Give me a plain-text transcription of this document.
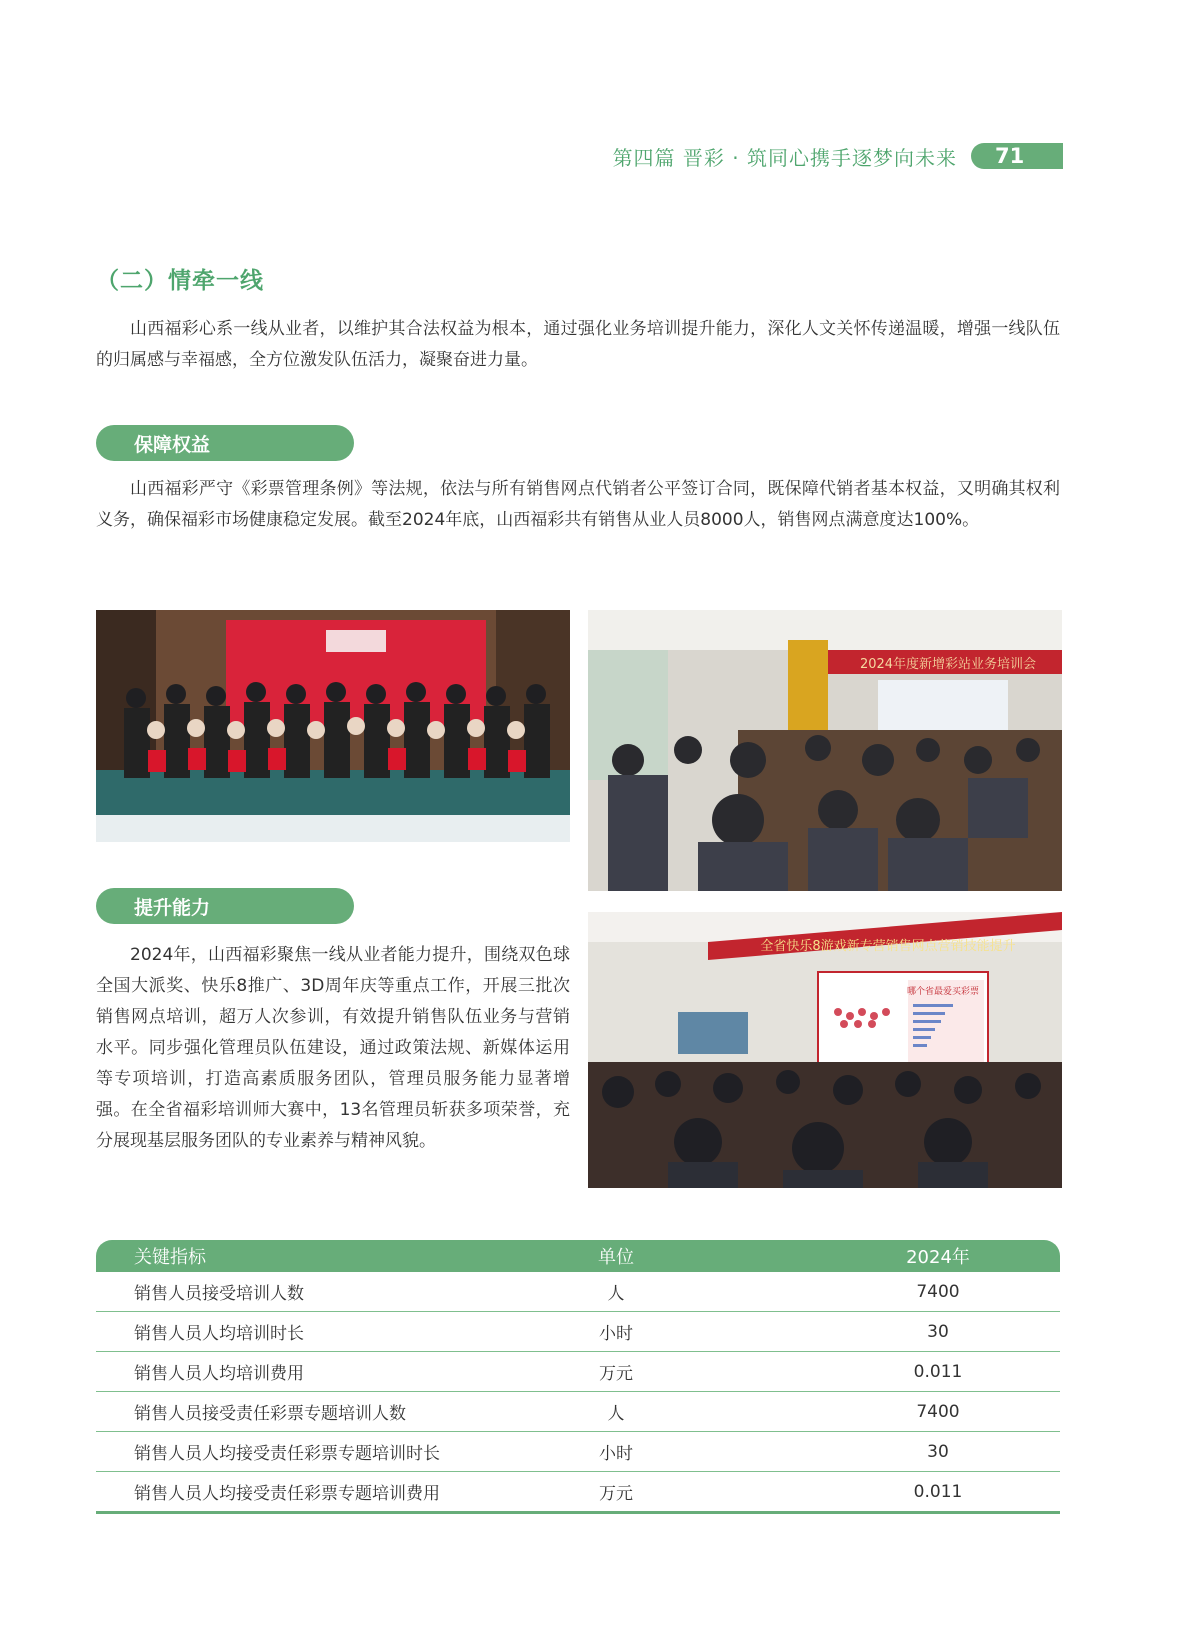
第四篇 晋彩 · 筑同心携手逐梦向未来	71
（二）情牵一线

山西福彩心系一线从业者，以维护其合法权益为根本，通过强化业务培训提升能力，深化人文关怀传递温暖，增强一线队伍的归属感与幸福感，全方位激发队伍活力，凝聚奋进力量。

保障权益

山西福彩严守《彩票管理条例》等法规，依法与所有销售网点代销者公平签订合同，既保障代销者基本权益，又明确其权利义务，确保福彩市场健康稳定发展。截至2024年底，山西福彩共有销售从业人员8000人，销售网点满意度达100%。

2024年度新增彩站业务培训会
提升能力

2024年，山西福彩聚焦一线从业者能力提升，围绕双色球全国大派奖、快乐8推广、3D周年庆等重点工作，开展三批次销售网点培训，超万人次参训，有效提升销售队伍业务与营销水平。同步强化管理员队伍建设，通过政策法规、新媒体运用等专项培训，打造高素质服务团队，管理员服务能力显著增强。在全省福彩培训师大赛中，13名管理员斩获多项荣誉，充分展现基层服务团队的专业素养与精神风貌。

全省快乐8游戏新专营销售网点营销技能提升
哪个省最爱买彩票
关键指标	单位	2024年
销售人员接受培训人数	人	7400
销售人员人均培训时长	小时	30
销售人员人均培训费用	万元	0.011
销售人员接受责任彩票专题培训人数	人	7400
销售人员人均接受责任彩票专题培训时长	小时	30
销售人员人均接受责任彩票专题培训费用	万元	0.011
